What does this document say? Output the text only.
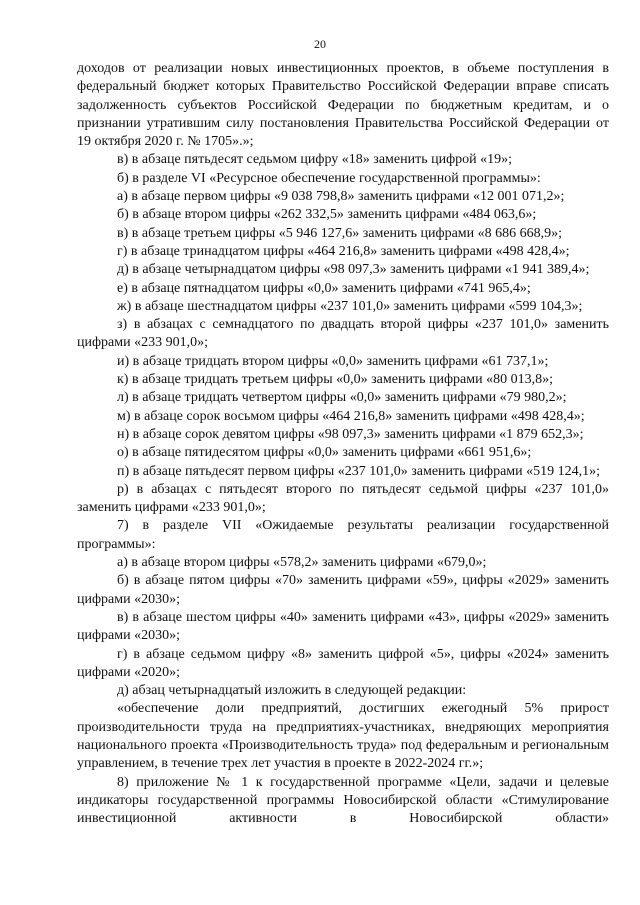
20

доходов от реализации новых инвестиционных проектов, в объеме поступления в федеральный бюджет которых Правительство Российской Федерации вправе списать задолженность субъектов Российской Федерации по бюджетным кредитам, и о признании утратившим силу постановления Правительства Российской Федерации от 19 октября 2020 г. № 1705».»;

в) в абзаце пятьдесят седьмом цифру «18» заменить цифрой «19»;

б) в разделе VI «Ресурсное обеспечение государственной программы»:

а) в абзаце первом цифры «9 038 798,8» заменить цифрами «12 001 071,2»;

б) в абзаце втором цифры «262 332,5» заменить цифрами «484 063,6»;

в) в абзаце третьем цифры «5 946 127,6» заменить цифрами «8 686 668,9»;

г) в абзаце тринадцатом цифры «464 216,8» заменить цифрами «498 428,4»;

д) в абзаце четырнадцатом цифры «98 097,3» заменить цифрами «1 941 389,4»;

е) в абзаце пятнадцатом цифры «0,0» заменить цифрами «741 965,4»;

ж) в абзаце шестнадцатом цифры «237 101,0» заменить цифрами «599 104,3»;

з) в абзацах с семнадцатого по двадцать второй цифры «237 101,0» заменить цифрами «233 901,0»;

и) в абзаце тридцать втором цифры «0,0» заменить цифрами «61 737,1»;

к) в абзаце тридцать третьем цифры «0,0» заменить цифрами «80 013,8»;

л) в абзаце тридцать четвертом цифры «0,0» заменить цифрами «79 980,2»;

м) в абзаце сорок восьмом цифры «464 216,8» заменить цифрами «498 428,4»;

н) в абзаце сорок девятом цифры «98 097,3» заменить цифрами «1 879 652,3»;

о) в абзаце пятидесятом цифры «0,0» заменить цифрами «661 951,6»;

п) в абзаце пятьдесят первом цифры «237 101,0» заменить цифрами «519 124,1»;

р) в абзацах с пятьдесят второго по пятьдесят седьмой цифры «237 101,0» заменить цифрами «233 901,0»;

7) в разделе VII «Ожидаемые результаты реализации государственной программы»:

а) в абзаце втором цифры «578,2» заменить цифрами «679,0»;

б) в абзаце пятом цифры «70» заменить цифрами «59», цифры «2029» заменить цифрами «2030»;

в) в абзаце шестом цифры «40» заменить цифрами «43», цифры «2029» заменить цифрами «2030»;

г) в абзаце седьмом цифру «8» заменить цифрой «5», цифры «2024» заменить цифрами «2020»;

д) абзац четырнадцатый изложить в следующей редакции:

«обеспечение доли предприятий, достигших ежегодный 5% прирост производительности труда на предприятиях-участниках, внедряющих мероприятия национального проекта «Производительность труда» под федеральным и региональным управлением, в течение трех лет участия в проекте в 2022-2024 гг.»;

8) приложение № 1 к государственной программе «Цели, задачи и целевые индикаторы государственной программы Новосибирской области «Стимулирование инвестиционной активности в Новосибирской области»
